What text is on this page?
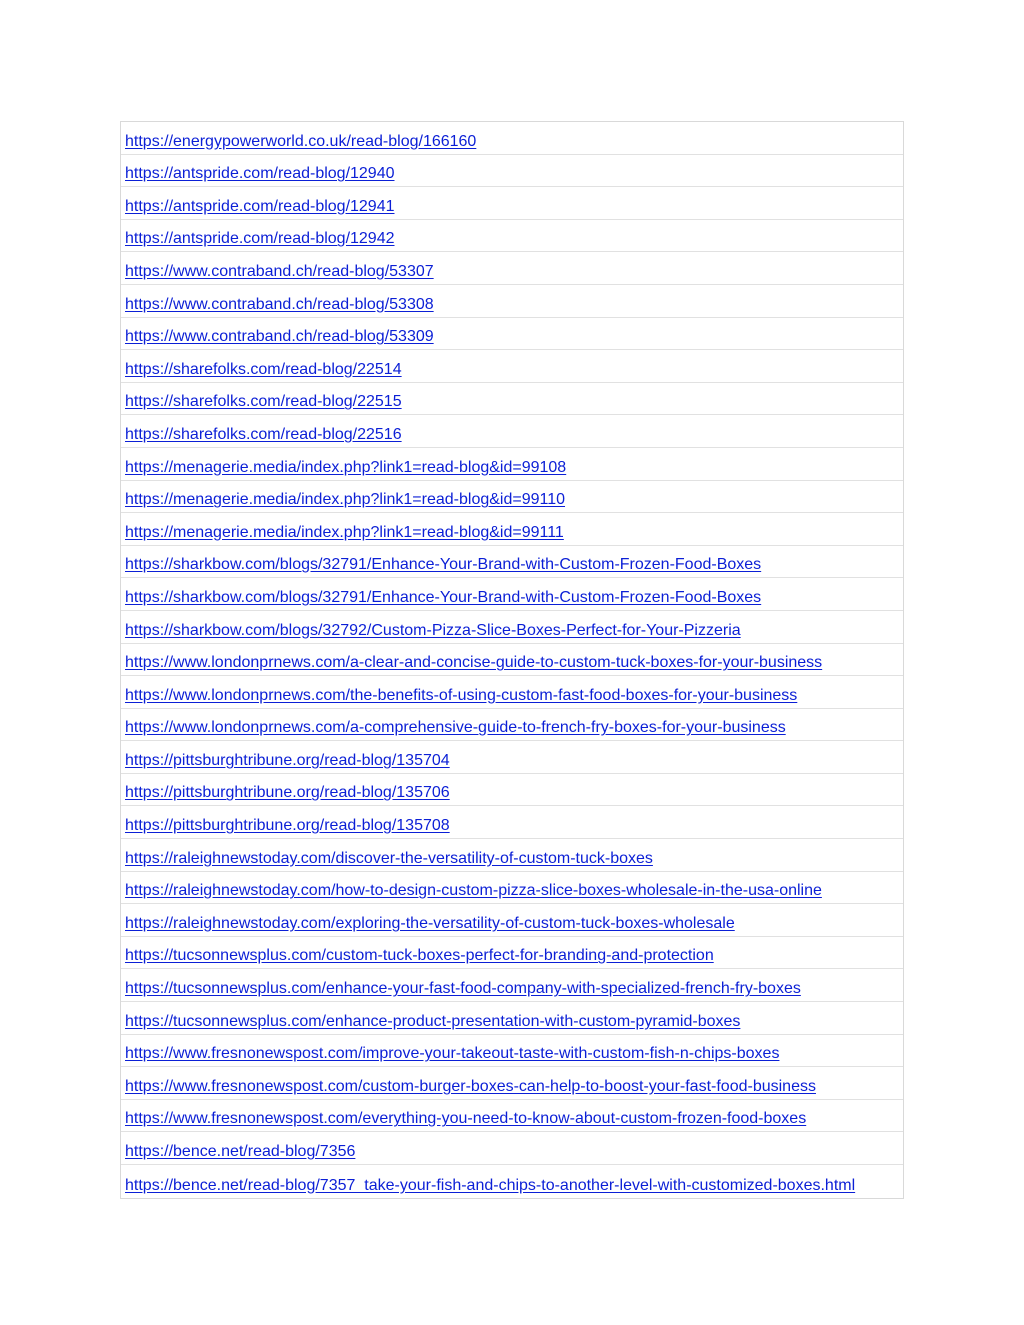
https://energypowerworld.co.uk/read-blog/166160
https://antspride.com/read-blog/12940
https://antspride.com/read-blog/12941
https://antspride.com/read-blog/12942
https://www.contraband.ch/read-blog/53307
https://www.contraband.ch/read-blog/53308
https://www.contraband.ch/read-blog/53309
https://sharefolks.com/read-blog/22514
https://sharefolks.com/read-blog/22515
https://sharefolks.com/read-blog/22516
https://menagerie.media/index.php?link1=read-blog&id=99108
https://menagerie.media/index.php?link1=read-blog&id=99110
https://menagerie.media/index.php?link1=read-blog&id=99111
https://sharkbow.com/blogs/32791/Enhance-Your-Brand-with-Custom-Frozen-Food-Boxes
https://sharkbow.com/blogs/32791/Enhance-Your-Brand-with-Custom-Frozen-Food-Boxes
https://sharkbow.com/blogs/32792/Custom-Pizza-Slice-Boxes-Perfect-for-Your-Pizzeria
https://www.londonprnews.com/a-clear-and-concise-guide-to-custom-tuck-boxes-for-your-business
https://www.londonprnews.com/the-benefits-of-using-custom-fast-food-boxes-for-your-business
https://www.londonprnews.com/a-comprehensive-guide-to-french-fry-boxes-for-your-business
https://pittsburghtribune.org/read-blog/135704
https://pittsburghtribune.org/read-blog/135706
https://pittsburghtribune.org/read-blog/135708
https://raleighnewstoday.com/discover-the-versatility-of-custom-tuck-boxes
https://raleighnewstoday.com/how-to-design-custom-pizza-slice-boxes-wholesale-in-the-usa-online
https://raleighnewstoday.com/exploring-the-versatility-of-custom-tuck-boxes-wholesale
https://tucsonnewsplus.com/custom-tuck-boxes-perfect-for-branding-and-protection
https://tucsonnewsplus.com/enhance-your-fast-food-company-with-specialized-french-fry-boxes
https://tucsonnewsplus.com/enhance-product-presentation-with-custom-pyramid-boxes
https://www.fresnonewspost.com/improve-your-takeout-taste-with-custom-fish-n-chips-boxes
https://www.fresnonewspost.com/custom-burger-boxes-can-help-to-boost-your-fast-food-business
https://www.fresnonewspost.com/everything-you-need-to-know-about-custom-frozen-food-boxes
https://bence.net/read-blog/7356
https://bence.net/read-blog/7357_take-your-fish-and-chips-to-another-level-with-customized-boxes.html
